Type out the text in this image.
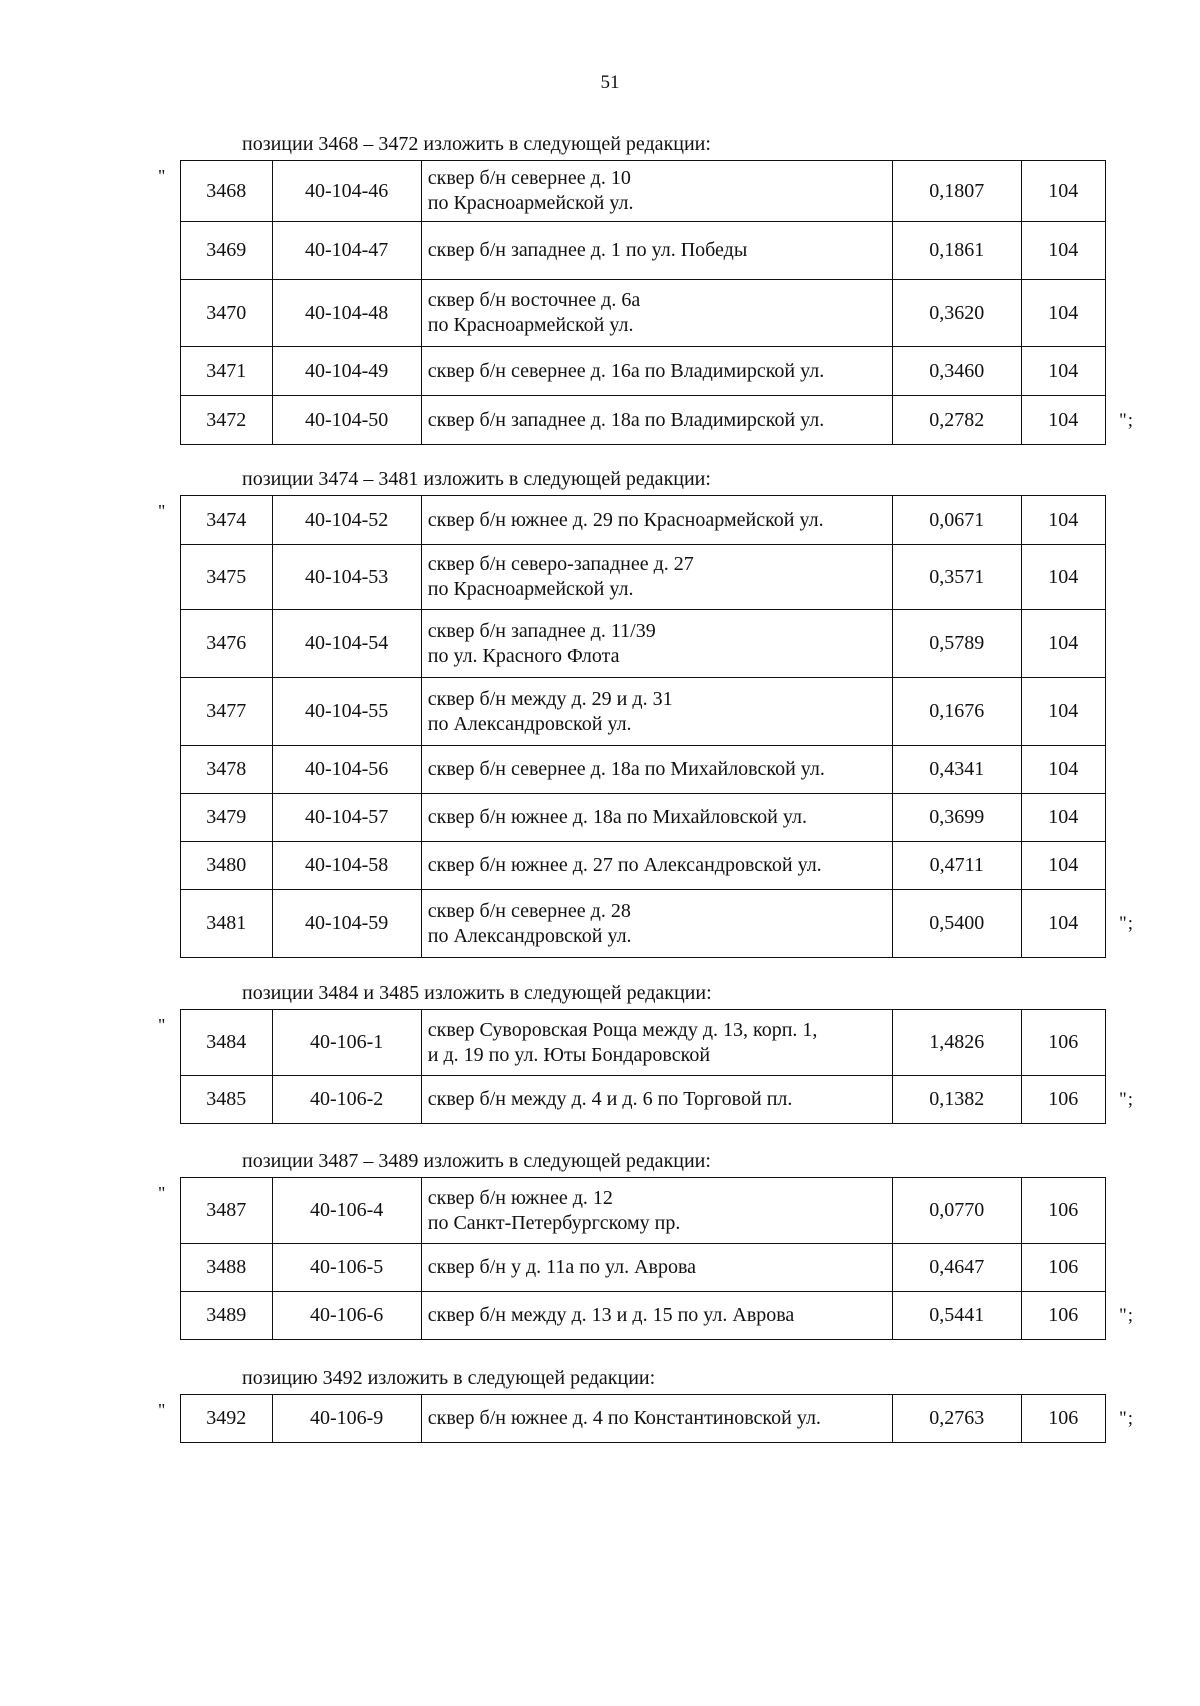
51
позиции 3468 – 3472 изложить в следующей редакции:
"
3468	40-104-46	сквер б/н севернее д. 10
по Красноармейской ул.	0,1807	104
3469	40-104-47	сквер б/н западнее д. 1 по ул. Победы	0,1861	104
3470	40-104-48	сквер б/н восточнее д. 6а
по Красноармейской ул.	0,3620	104
3471	40-104-49	сквер б/н севернее д. 16а по Владимирской ул.	0,3460	104
3472	40-104-50	сквер б/н западнее д. 18а по Владимирской ул.	0,2782	104 ";
позиции 3474 – 3481 изложить в следующей редакции:
" 3474	40-104-52	сквер б/н южнее д. 29 по Красноармейской ул.	0,0671	104
3475	40-104-53	сквер б/н северо-западнее д. 27
по Красноармейской ул.	0,3571	104
3476	40-104-54	сквер б/н западнее д. 11/39
по ул. Красного Флота	0,5789	104
3477	40-104-55	сквер б/н между д. 29 и д. 31
по Александровской ул.	0,1676	104
3478	40-104-56	сквер б/н севернее д. 18а по Михайловской ул.	0,4341	104
3479	40-104-57	сквер б/н южнее д. 18а по Михайловской ул.	0,3699	104
3480	40-104-58	сквер б/н южнее д. 27 по Александровской ул.	0,4711	104
3481	40-104-59	сквер б/н севернее д. 28
по Александровской ул.	0,5400	104 ";
позиции 3484 и 3485 изложить в следующей редакции:
"
3484	40-106-1	сквер Суворовская Роща между д. 13, корп. 1,
и д. 19 по ул. Юты Бондаровской	1,4826	106
3485	40-106-2	сквер б/н между д. 4 и д. 6 по Торговой пл.	0,1382	106 ";
позиции 3487 – 3489 изложить в следующей редакции:
"
3487	40-106-4	сквер б/н южнее д. 12
по Санкт-Петербургскому пр.	0,0770	106
3488	40-106-5	сквер б/н у д. 11а по ул. Аврова	0,4647	106
3489	40-106-6	сквер б/н между д. 13 и д. 15 по ул. Аврова	0,5441	106 ";
позицию 3492 изложить в следующей редакции:
" 3492	40-106-9	сквер б/н южнее д. 4 по Константиновской ул.	0,2763	106 ";
